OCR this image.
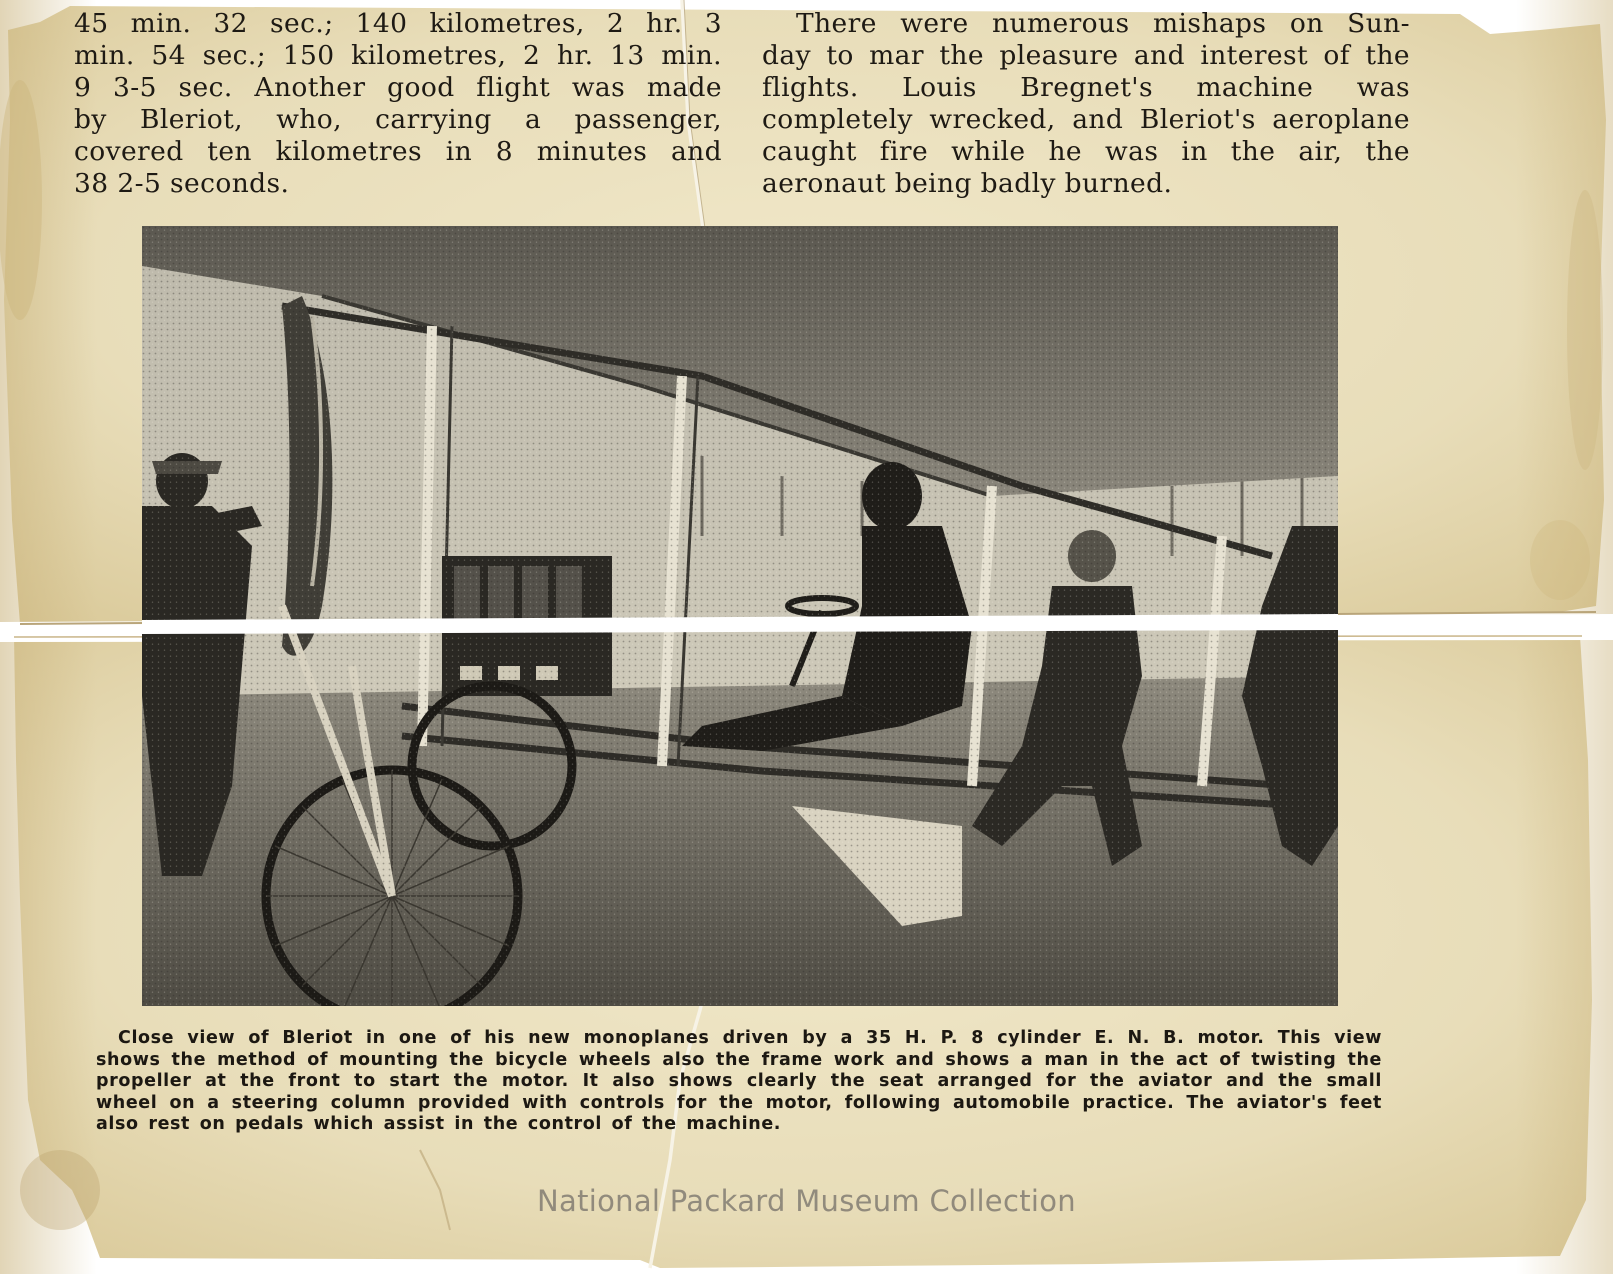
45 min. 32 sec.; 140 kilometres, 2 hr. 3
min. 54 sec.; 150 kilometres, 2 hr. 13 min.
9 3-5 sec. Another good flight was made
by Bleriot, who, carrying a passenger,
covered ten kilometres in 8 minutes and
38 2-5 seconds.
There were numerous mishaps on Sun-
day to mar the pleasure and interest of the
flights. Louis Bregnet's machine was
completely wrecked, and Bleriot's aeroplane
caught fire while he was in the air, the
aeronaut being badly burned.
Close view of Bleriot in one of his new monoplanes driven by a 35 H. P. 8 cylinder E. N. B. motor. This view
shows the method of mounting the bicycle wheels also the frame work and shows a man in the act of twisting the
propeller at the front to start the motor. It also shows clearly the seat arranged for the aviator and the small
wheel on a steering column provided with controls for the motor, following automobile practice. The aviator's feet
also rest on pedals which assist in the control of the machine.
National Packard Museum Collection
